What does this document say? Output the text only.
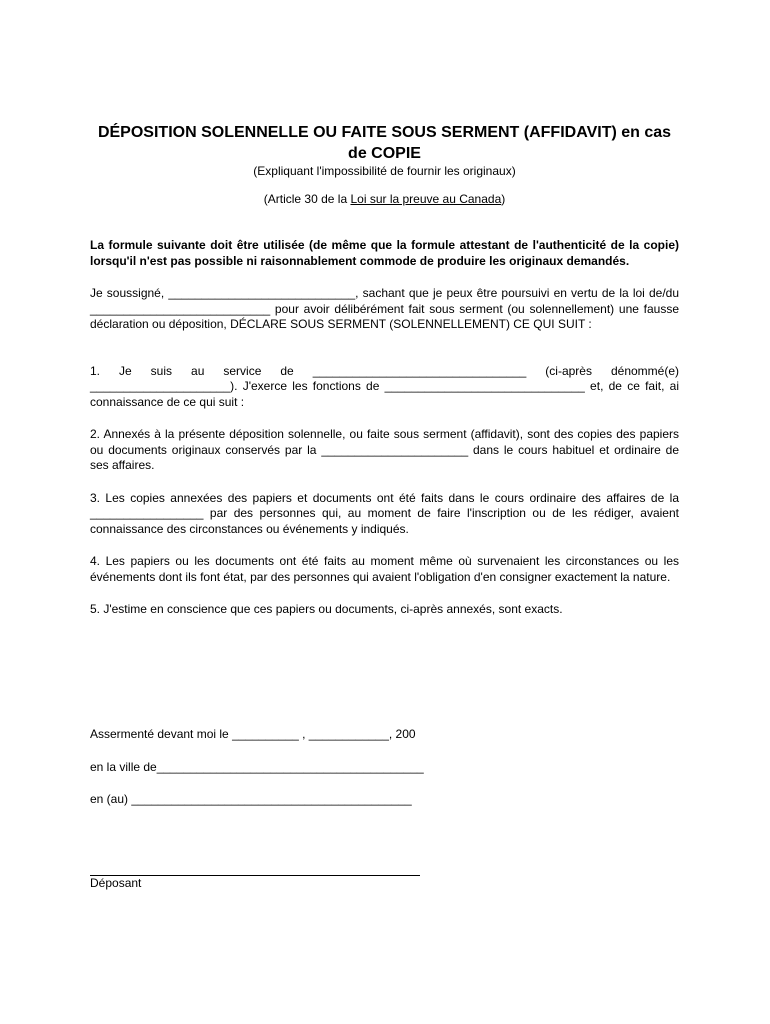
DÉPOSITION SOLENNELLE OU FAITE SOUS SERMENT (AFFIDAVIT) en cas de COPIE

(Expliquant l'impossibilité de fournir les originaux)

(Article 30 de la Loi sur la preuve au Canada)

La formule suivante doit être utilisée (de même que la formule attestant de l'authenticité de la copie) lorsqu'il n'est pas possible ni raisonnablement commode de produire les originaux demandés.

Je soussigné, ____________________________, sachant que je peux être poursuivi en vertu de la loi de/du ___________________________ pour avoir délibérément fait sous serment (ou solennellement) une fausse déclaration ou déposition, DÉCLARE SOUS SERMENT (SOLENNELLEMENT) CE QUI SUIT :

1. Je suis au service de ________________________________ (ci-après dénommé(e) _____________________). J'exerce les fonctions de ______________________________ et, de ce fait, ai connaissance de ce qui suit :

2. Annexés à la présente déposition solennelle, ou faite sous serment (affidavit), sont des copies des papiers ou documents originaux conservés par la ______________________ dans le cours habituel et ordinaire de ses affaires.

3. Les copies annexées des papiers et documents ont été faits dans le cours ordinaire des affaires de la _________________ par des personnes qui, au moment de faire l'inscription ou de les rédiger, avaient connaissance des circonstances ou événements y indiqués.

4. Les papiers ou les documents ont été faits au moment même où survenaient les circonstances ou les événements dont ils font état, par des personnes qui avaient l'obligation d'en consigner exactement la nature.

5. J'estime en conscience que ces papiers ou documents, ci-après annexés, sont exacts.

Assermenté devant moi le __________ , ____________, 200

en la ville de________________________________________

en (au) __________________________________________

Déposant
